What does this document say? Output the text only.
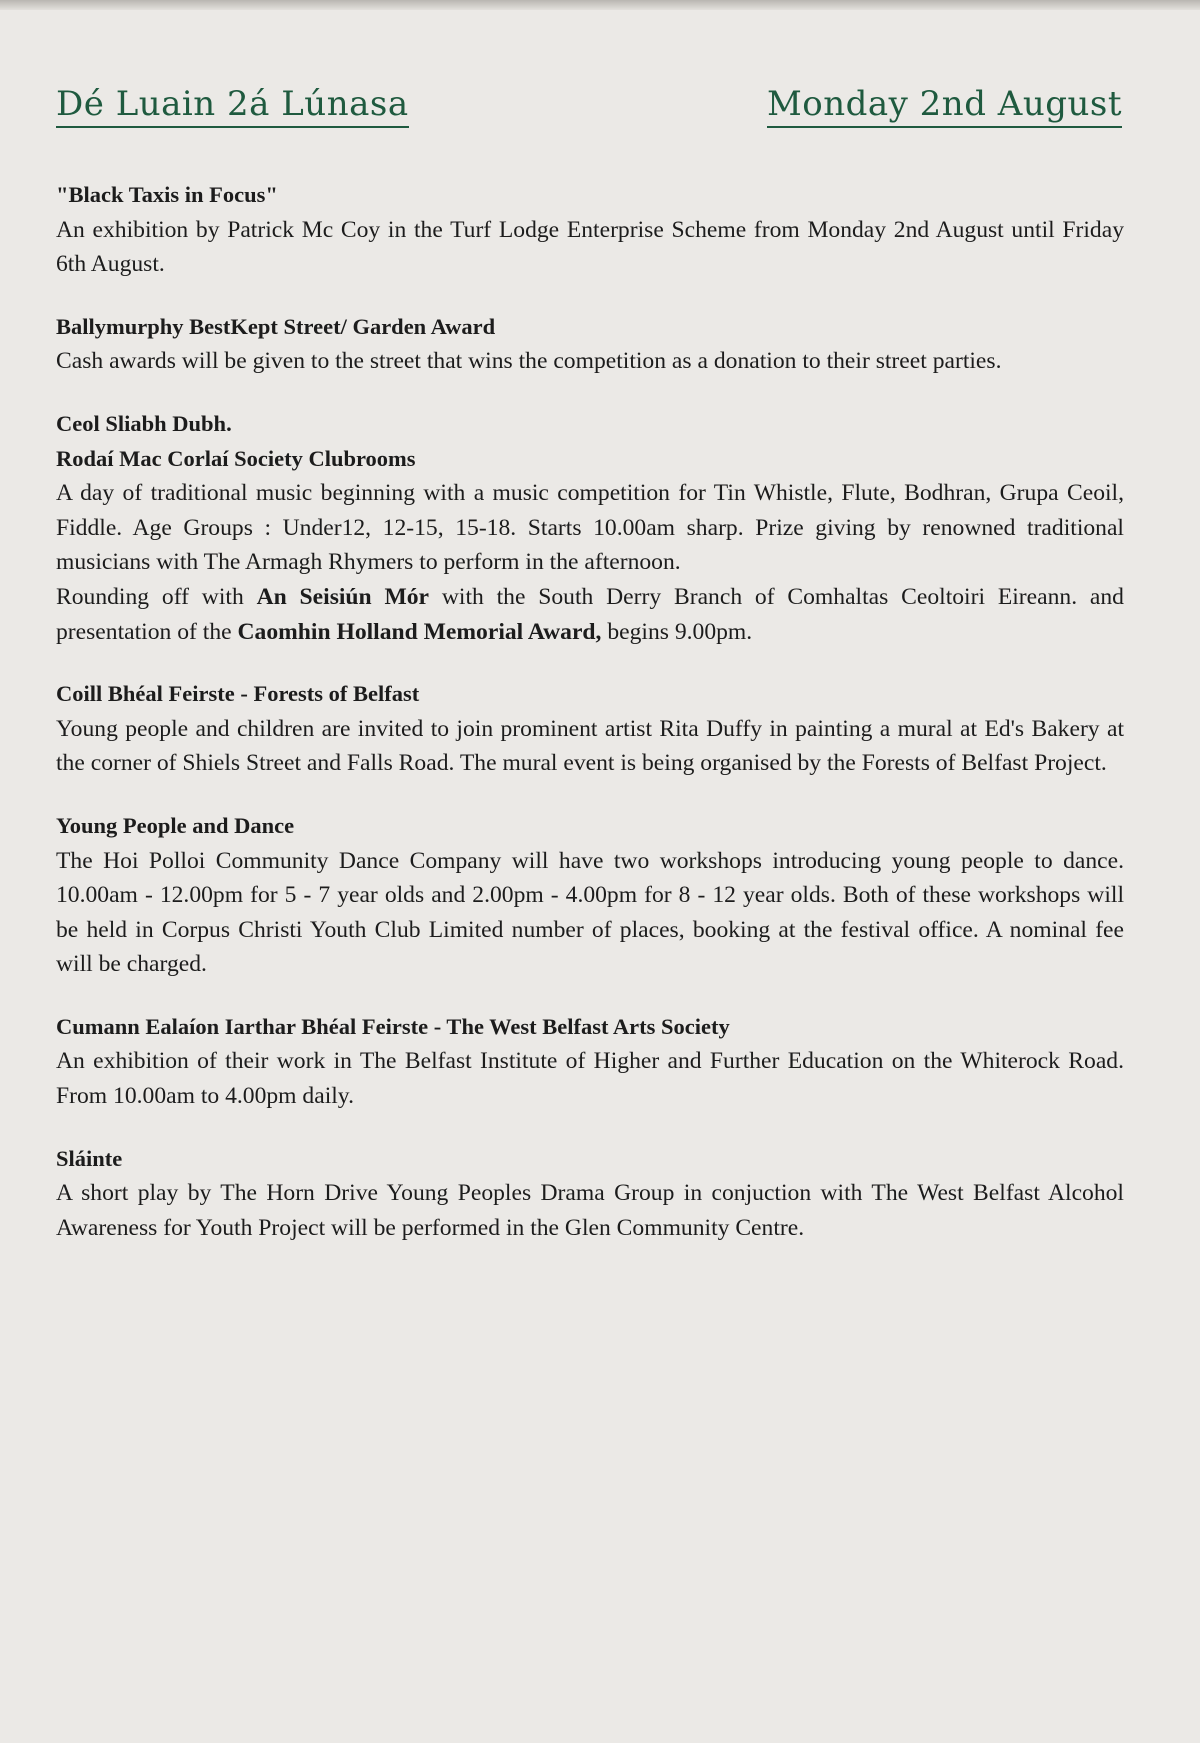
Dé Luain 2á Lúnasa	Monday 2nd August
"Black Taxis in Focus"
An exhibition by Patrick Mc Coy in the Turf Lodge Enterprise Scheme from Monday 2nd August until Friday 6th August.
Ballymurphy BestKept Street/ Garden Award
Cash awards will be given to the street that wins the competition as a donation to their street parties.
Ceol Sliabh Dubh.
Rodaí Mac Corlaí Society Clubrooms
A day of traditional music beginning with a music competition for Tin Whistle, Flute, Bodhran, Grupa Ceoil, Fiddle. Age Groups : Under12, 12-15, 15-18. Starts 10.00am sharp. Prize giving by renowned traditional musicians with The Armagh Rhymers to perform in the afternoon.
Rounding off with An Seisiún Mór with the South Derry Branch of Comhaltas Ceoltoiri Eireann. and presentation of the Caomhin Holland Memorial Award, begins 9.00pm.
Coill Bhéal Feirste - Forests of Belfast
Young people and children are invited to join prominent artist Rita Duffy in painting a mural at Ed's Bakery at the corner of Shiels Street and Falls Road. The mural event is being organised by the Forests of Belfast Project.
Young People and Dance
The Hoi Polloi Community Dance Company will have two workshops introducing young people to dance. 10.00am - 12.00pm for 5 - 7 year olds and 2.00pm - 4.00pm for 8 - 12 year olds. Both of these workshops will be held in Corpus Christi Youth Club Limited number of places, booking at the festival office. A nominal fee will be charged.
Cumann Ealaíon Iarthar Bhéal Feirste - The West Belfast Arts Society
An exhibition of their work in The Belfast Institute of Higher and Further Education on the Whiterock Road. From 10.00am to 4.00pm daily.
Sláinte
A short play by The Horn Drive Young Peoples Drama Group in conjuction with The West Belfast Alcohol Awareness for Youth Project will be performed in the Glen Community Centre.
